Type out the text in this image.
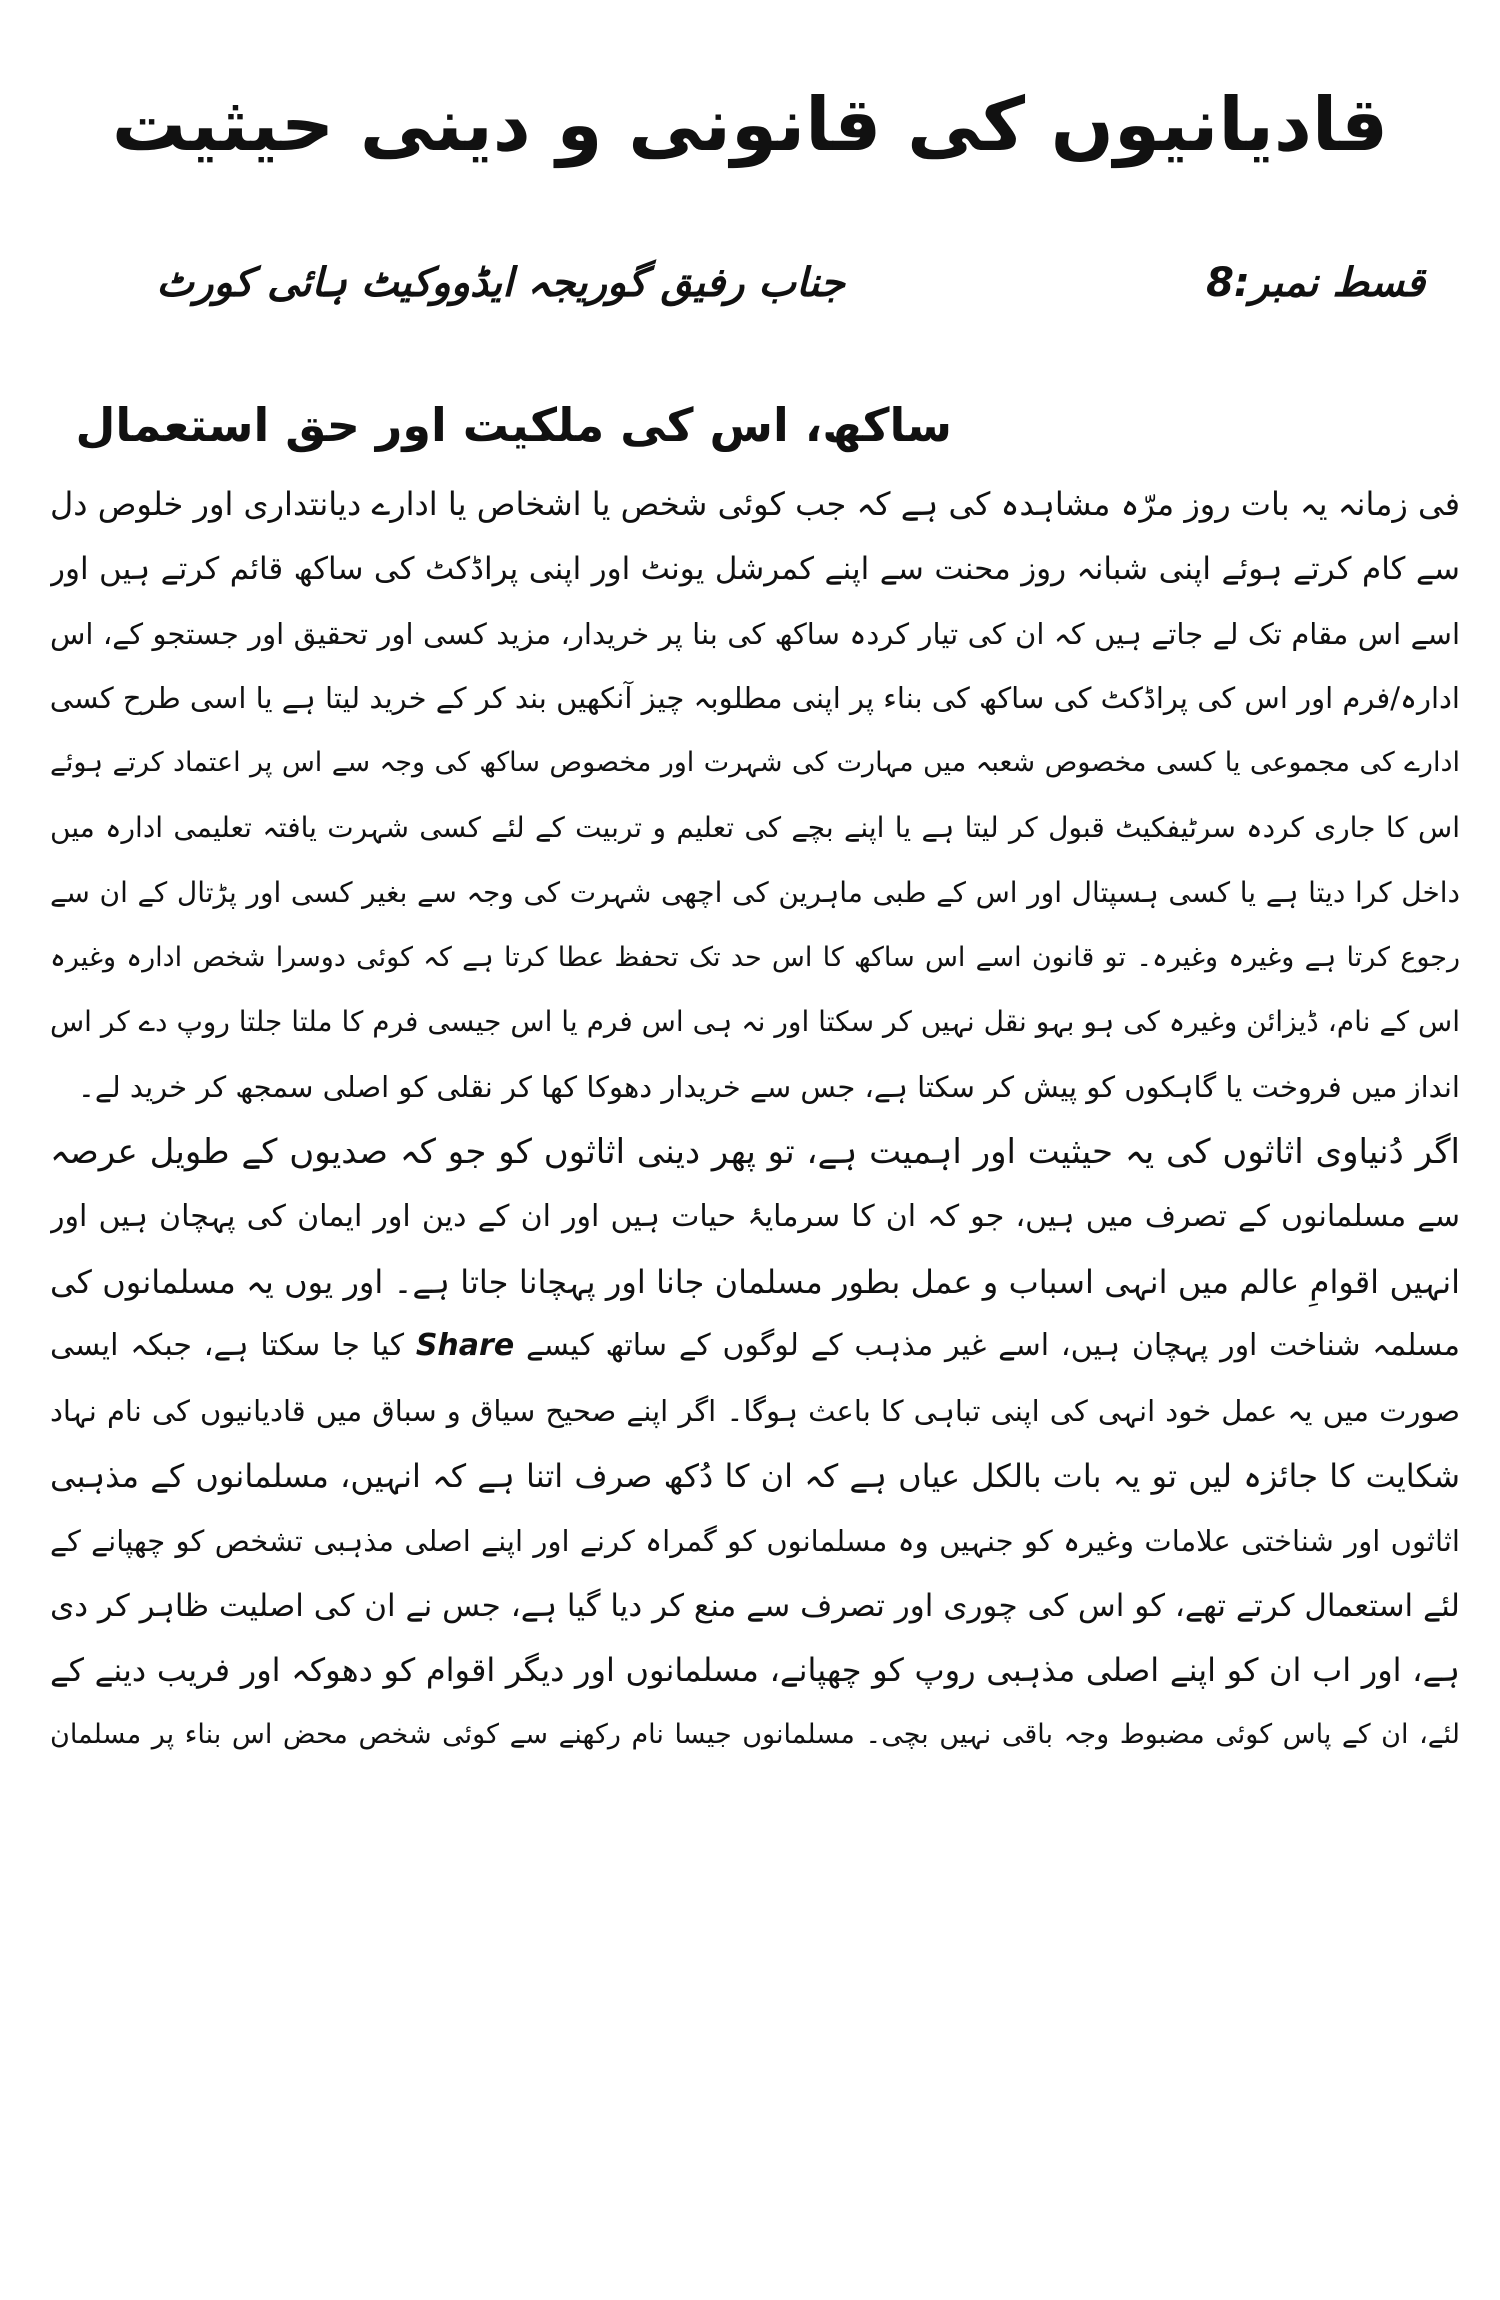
قادیانیوں کی قانونی و دینی حیثیت
قسط نمبر:8
جناب رفیق گوریجہ ایڈووکیٹ ہائی کورٹ
ساکھ، اس کی ملکیت اور حق استعمال
فی زمانہ یہ بات روز مرّہ مشاہدہ کی ہے کہ جب کوئی شخص یا اشخاص یا ادارے دیانتداری اور خلوص دل
سے کام کرتے ہوئے اپنی شبانہ روز محنت سے اپنے کمرشل یونٹ اور اپنی پراڈکٹ کی ساکھ قائم کرتے ہیں اور
اسے اس مقام تک لے جاتے ہیں کہ ان کی تیار کردہ ساکھ کی بنا پر خریدار، مزید کسی اور تحقیق اور جستجو کے، اس
ادارہ/فرم اور اس کی پراڈکٹ کی ساکھ کی بناء پر اپنی مطلوبہ چیز آنکھیں بند کر کے خرید لیتا ہے یا اسی طرح کسی
ادارے کی مجموعی یا کسی مخصوص شعبہ میں مہارت کی شہرت اور مخصوص ساکھ کی وجہ سے اس پر اعتماد کرتے ہوئے
اس کا جاری کردہ سرٹیفکیٹ قبول کر لیتا ہے یا اپنے بچے کی تعلیم و تربیت کے لئے کسی شہرت یافتہ تعلیمی ادارہ میں
داخل کرا دیتا ہے یا کسی ہسپتال اور اس کے طبی ماہرین کی اچھی شہرت کی وجہ سے بغیر کسی اور پڑتال کے ان سے
رجوع کرتا ہے وغیرہ وغیرہ۔ تو قانون اسے اس ساکھ کا اس حد تک تحفظ عطا کرتا ہے کہ کوئی دوسرا شخص ادارہ وغیرہ
اس کے نام، ڈیزائن وغیرہ کی ہو بہو نقل نہیں کر سکتا اور نہ ہی اس فرم یا اس جیسی فرم کا ملتا جلتا روپ دے کر اس
انداز میں فروخت یا گاہکوں کو پیش کر سکتا ہے، جس سے خریدار دھوکا کھا کر نقلی کو اصلی سمجھ کر خرید لے۔
اگر دُنیاوی اثاثوں کی یہ حیثیت اور اہمیت ہے، تو پھر دینی اثاثوں کو جو کہ صدیوں کے طویل عرصہ
سے مسلمانوں کے تصرف میں ہیں، جو کہ ان کا سرمایۂ حیات ہیں اور ان کے دین اور ایمان کی پہچان ہیں اور
انہیں اقوامِ عالم میں انہی اسباب و عمل بطور مسلمان جانا اور پہچانا جاتا ہے۔ اور یوں یہ مسلمانوں کی
مسلمہ شناخت اور پہچان ہیں، اسے غیر مذہب کے لوگوں کے ساتھ کیسے Share کیا جا سکتا ہے، جبکہ ایسی
صورت میں یہ عمل خود انہی کی اپنی تباہی کا باعث ہوگا۔ اگر اپنے صحیح سیاق و سباق میں قادیانیوں کی نام نہاد
شکایت کا جائزہ لیں تو یہ بات بالکل عیاں ہے کہ ان کا دُکھ صرف اتنا ہے کہ انہیں، مسلمانوں کے مذہبی
اثاثوں اور شناختی علامات وغیرہ کو جنہیں وہ مسلمانوں کو گمراہ کرنے اور اپنے اصلی مذہبی تشخص کو چھپانے کے
لئے استعمال کرتے تھے، کو اس کی چوری اور تصرف سے منع کر دیا گیا ہے، جس نے ان کی اصلیت ظاہر کر دی
ہے، اور اب ان کو اپنے اصلی مذہبی روپ کو چھپانے، مسلمانوں اور دیگر اقوام کو دھوکہ اور فریب دینے کے
لئے، ان کے پاس کوئی مضبوط وجہ باقی نہیں بچی۔ مسلمانوں جیسا نام رکھنے سے کوئی شخص محض اس بناء پر مسلمان
